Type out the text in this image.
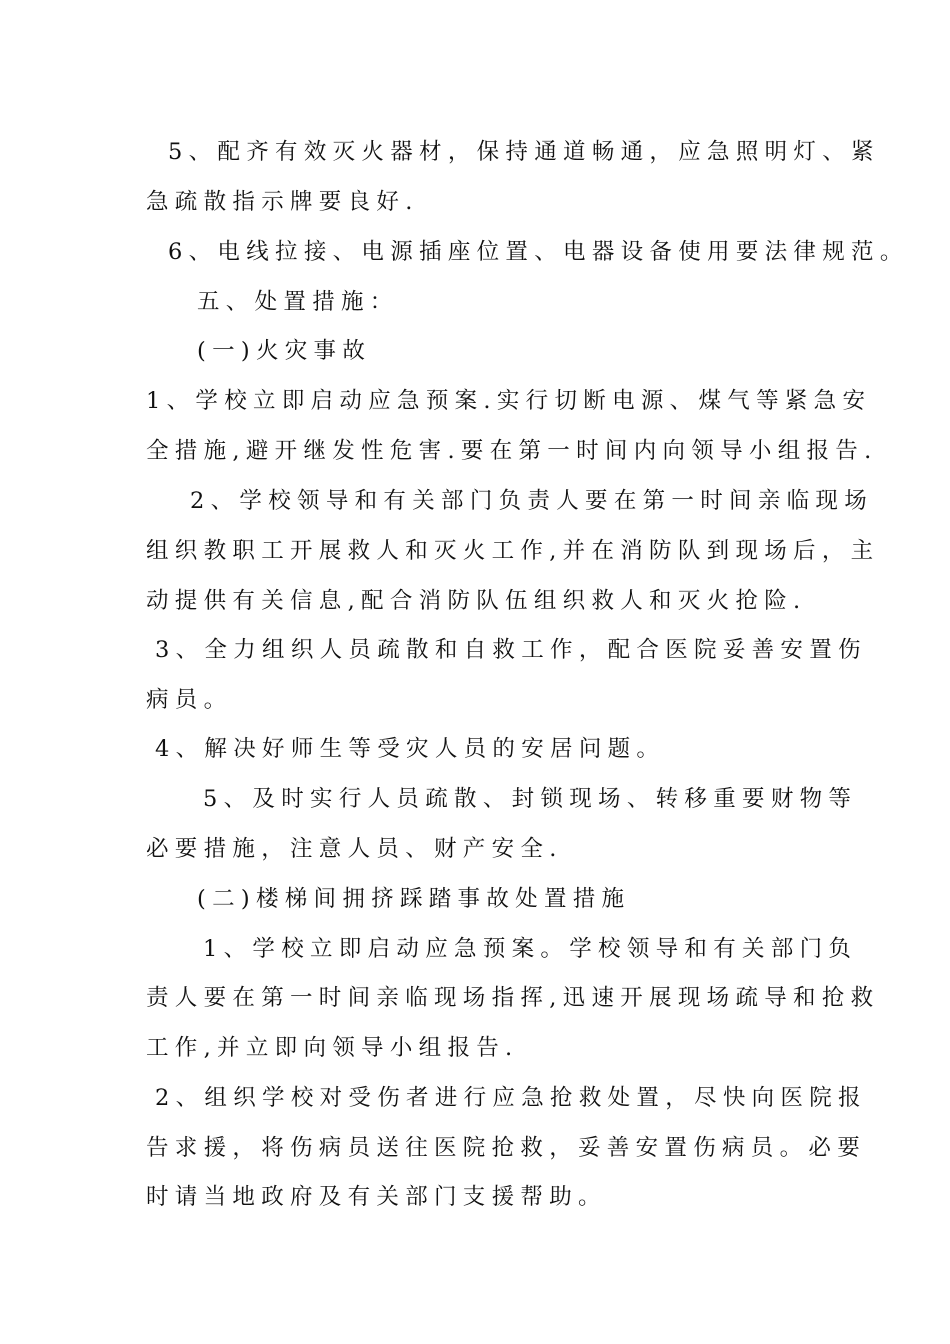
5、配齐有效灭火器材，保持通道畅通，应急照明灯、紧
急疏散指示牌要良好.
6、电线拉接、电源插座位置、电器设备使用要法律规范。
五、处置措施：
(一)火灾事故
1、学校立即启动应急预案.实行切断电源、煤气等紧急安
全措施,避开继发性危害.要在第一时间内向领导小组报告.
2、学校领导和有关部门负责人要在第一时间亲临现场
组织教职工开展救人和灭火工作,并在消防队到现场后，主
动提供有关信息,配合消防队伍组织救人和灭火抢险.
3、全力组织人员疏散和自救工作，配合医院妥善安置伤
病员。
4、解决好师生等受灾人员的安居问题。
5、及时实行人员疏散、封锁现场、转移重要财物等
必要措施，注意人员、财产安全.
(二)楼梯间拥挤踩踏事故处置措施
1、学校立即启动应急预案。学校领导和有关部门负
责人要在第一时间亲临现场指挥,迅速开展现场疏导和抢救
工作,并立即向领导小组报告.
2、组织学校对受伤者进行应急抢救处置，尽快向医院报
告求援，将伤病员送往医院抢救，妥善安置伤病员。必要
时请当地政府及有关部门支援帮助。
